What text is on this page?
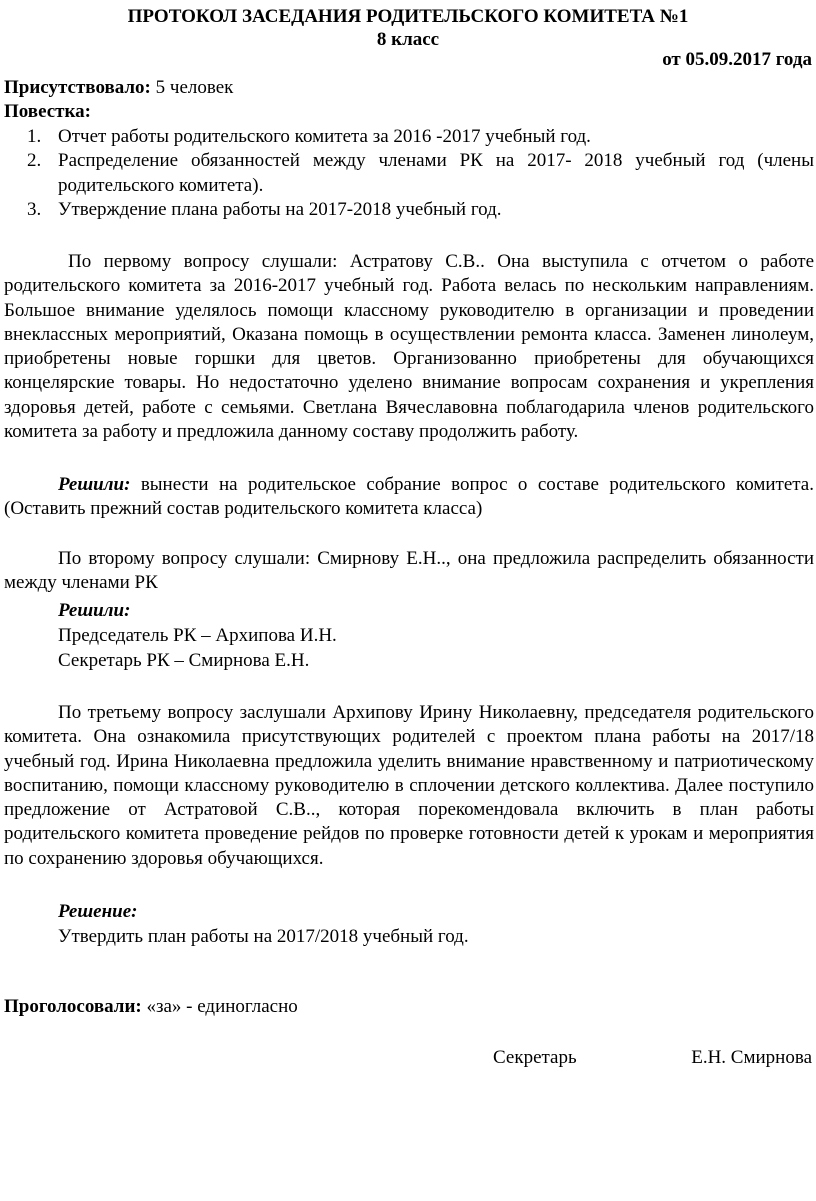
ПРОТОКОЛ ЗАСЕДАНИЯ РОДИТЕЛЬСКОГО КОМИТЕТА №1
8 класс
от 05.09.2017 года
Присутствовало: 5 человек
Повестка:
1. Отчет работы родительского комитета за 2016 -2017 учебный год.
2. Распределение обязанностей между членами РК на 2017- 2018 учебный год (члены родительского комитета).
3. Утверждение плана работы на 2017-2018 учебный год.

По первому вопросу слушали: Астратову С.В.. Она выступила с отчетом о работе родительского комитета за 2016-2017 учебный год. Работа велась по нескольким направлениям. Большое внимание уделялось помощи классному руководителю в организации и проведении внеклассных мероприятий, Оказана помощь в осуществлении ремонта класса. Заменен линолеум, приобретены новые горшки для цветов. Организованно приобретены для обучающихся концелярские товары. Но недостаточно уделено внимание вопросам сохранения и укрепления здоровья детей, работе с семьями. Светлана Вячеславовна поблагодарила членов родительского комитета за работу и предложила данному составу продолжить работу.

Решили: вынести на родительское собрание вопрос о составе родительского комитета. (Оставить прежний состав родительского комитета класса)

По второму вопросу слушали: Смирнову Е.Н.., она предложила распределить обязанности между членами РК

Решили:
Председатель РК – Архипова И.Н.
Секретарь РК – Смирнова Е.Н.

По третьему вопросу заслушали Архипову Ирину Николаевну, председателя родительского комитета. Она ознакомила присутствующих родителей с проектом плана работы на 2017/18 учебный год. Ирина Николаевна предложила уделить внимание нравственному и патриотическому воспитанию, помощи классному руководителю в сплочении детского коллектива. Далее поступило предложение от Астратовой С.В.., которая порекомендовала включить в план работы родительского комитета проведение рейдов по проверке готовности детей к урокам и мероприятия по сохранению здоровья обучающихся.

Решение:
Утвердить план работы на 2017/2018 учебный год.
Проголосовали: «за» - единогласно
Секретарь	Е.Н. Смирнова
